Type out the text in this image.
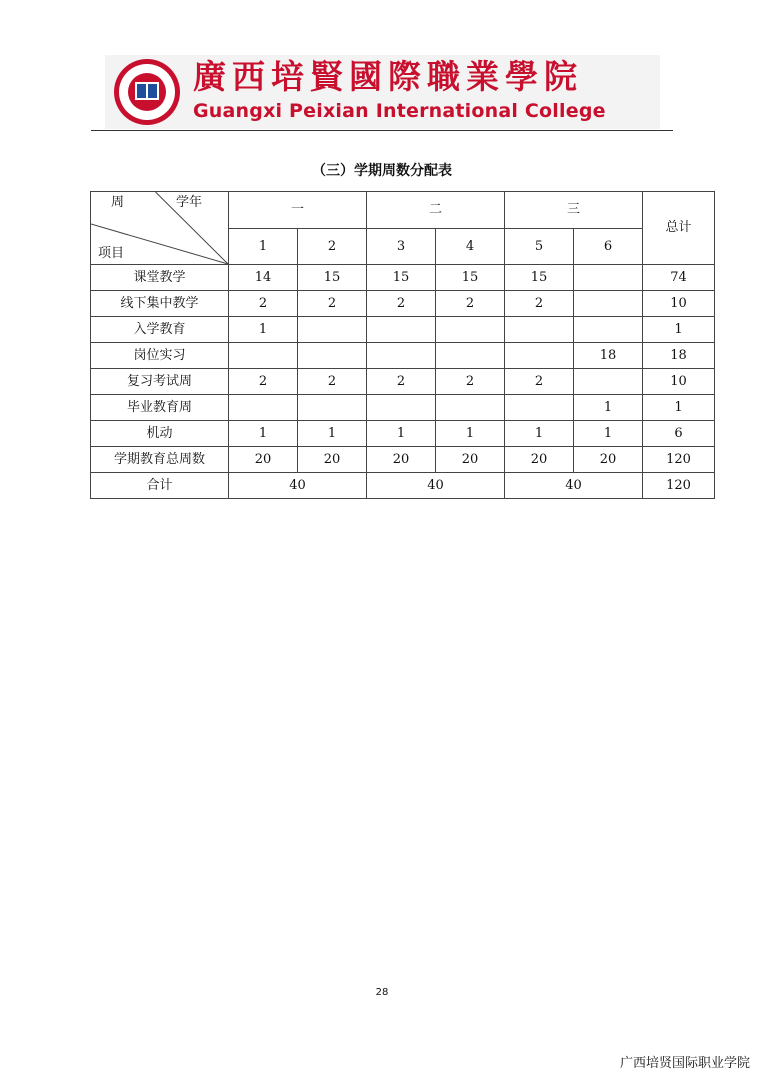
廣西培賢國際職業學院
Guangxi Peixian International College
（三）学期周数分配表
周 学年
项目	一		二		三		总计
	1	2	3	4	5	6	
课堂教学	14	15	15	15	15		74
线下集中教学	2	2	2	2	2		10
入学教育	1						1
岗位实习						18	18
复习考试周	2	2	2	2	2		10
毕业教育周						1	1
机动	1	1	1	1	1	1	6
学期教育总周数	20	20	20	20	20	20	120
合计	40		40		40		120
28
广西培贤国际职业学院
